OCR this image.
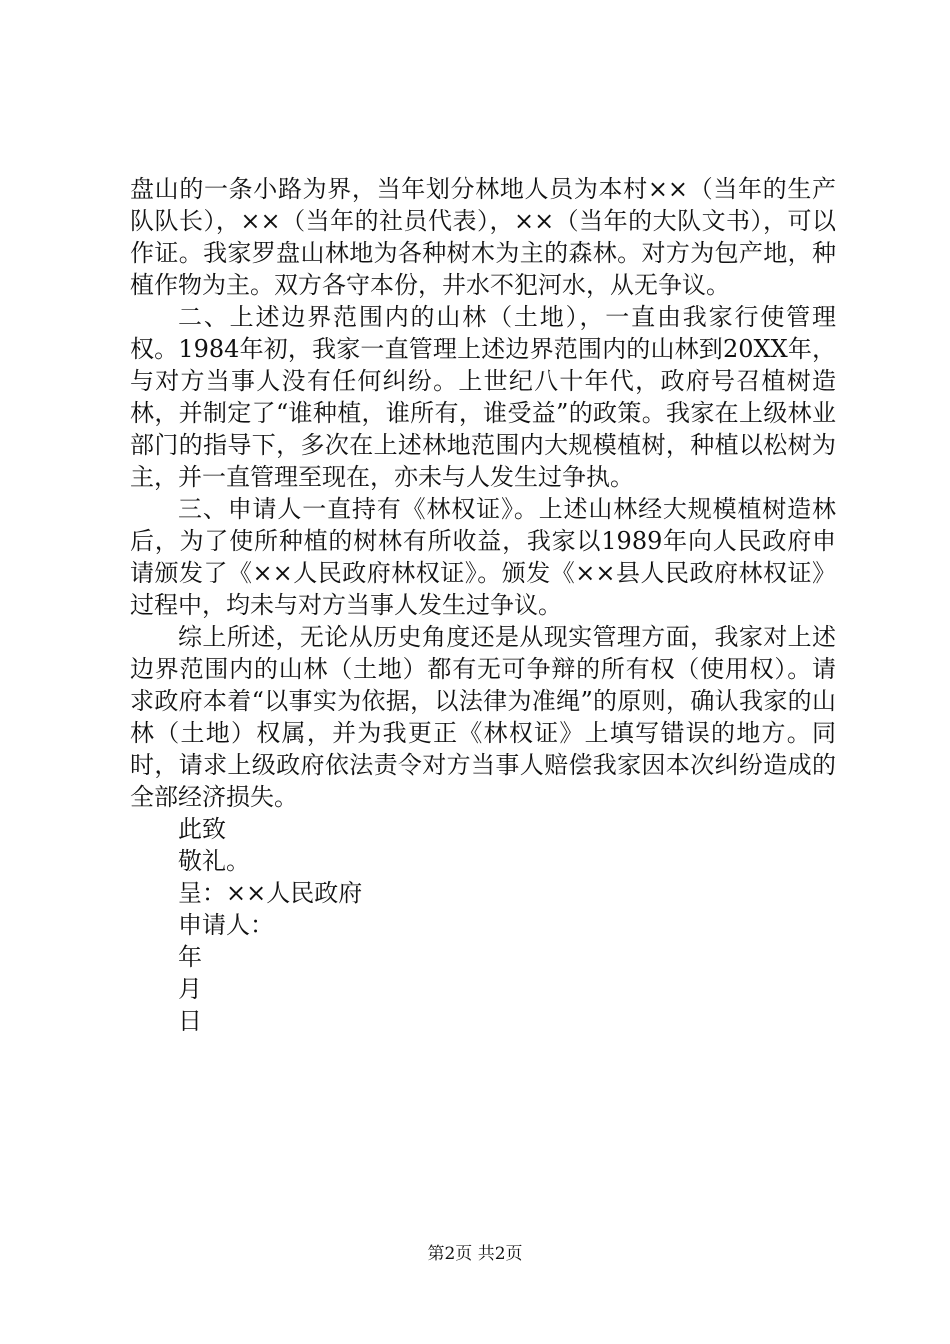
盘山的一条小路为界，当年划分林地人员为本村××（当年的生产队队长），××（当年的社员代表），××（当年的大队文书），可以作证。我家罗盘山林地为各种树木为主的森林。对方为包产地，种植作物为主。双方各守本份，井水不犯河水，从无争议。

二、上述边界范围内的山林（土地），一直由我家行使管理权。1984年初，我家一直管理上述边界范围内的山林到20XX年，与对方当事人没有任何纠纷。上世纪八十年代，政府号召植树造林，并制定了“谁种植，谁所有，谁受益”的政策。我家在上级林业部门的指导下，多次在上述林地范围内大规模植树，种植以松树为主，并一直管理至现在，亦未与人发生过争执。

三、申请人一直持有《林权证》。上述山林经大规模植树造林后，为了使所种植的树林有所收益，我家以1989年向人民政府申请颁发了《××人民政府林权证》。颁发《××县人民政府林权证》过程中，均未与对方当事人发生过争议。

综上所述，无论从历史角度还是从现实管理方面，我家对上述边界范围内的山林（土地）都有无可争辩的所有权（使用权）。请求政府本着“以事实为依据，以法律为准绳”的原则，确认我家的山林（土地）权属，并为我更正《林权证》上填写错误的地方。同时，请求上级政府依法责令对方当事人赔偿我家因本次纠纷造成的全部经济损失。

此致

敬礼。

呈：××人民政府

申请人：

年

月

日

第2页 共2页
